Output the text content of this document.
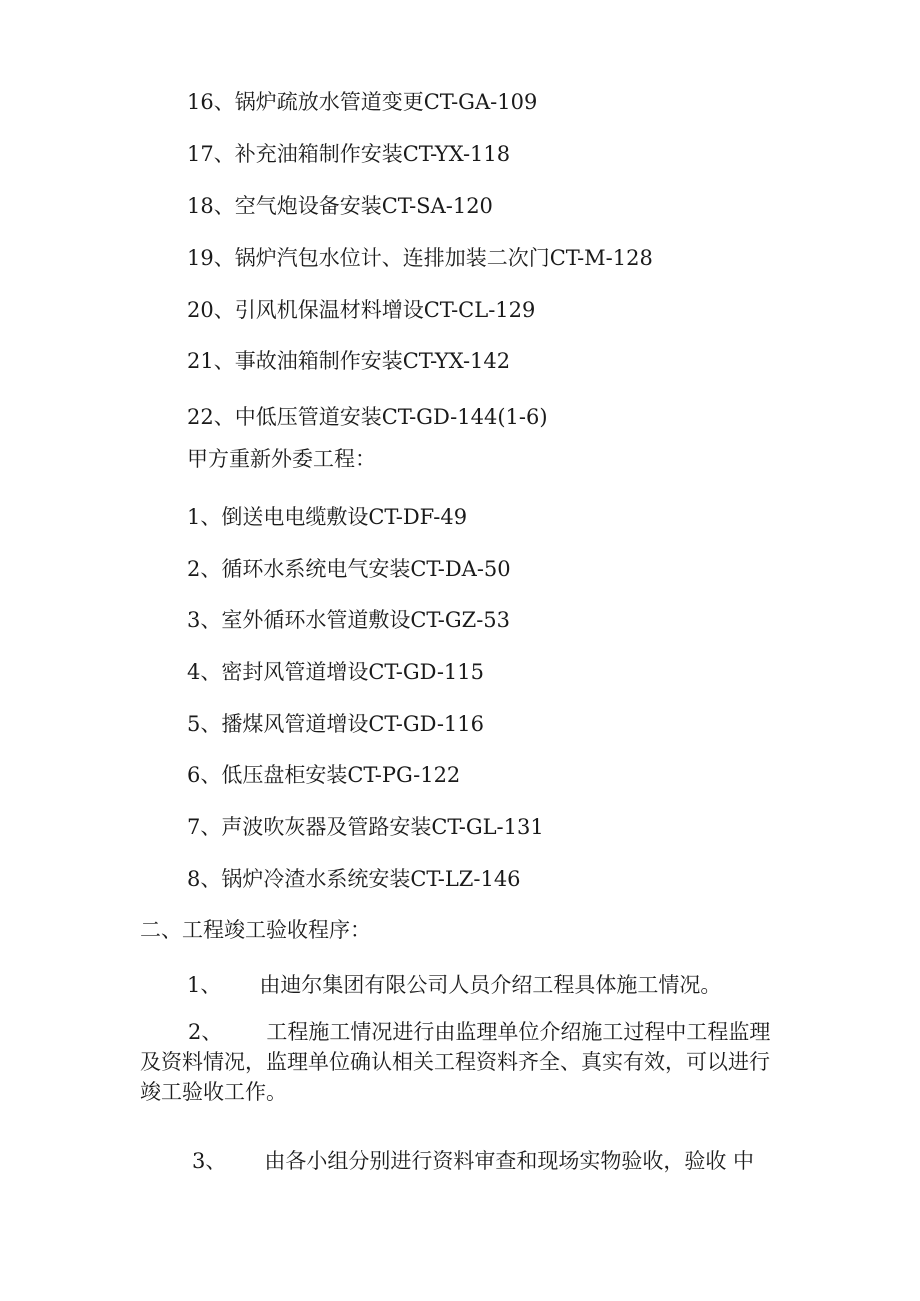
16、锅炉疏放水管道变更CT-GA-109
17、补充油箱制作安装CT-YX-118
18、空气炮设备安装CT-SA-120
19、锅炉汽包水位计、连排加装二次门CT-M-128
20、引风机保温材料增设CT-CL-129
21、事故油箱制作安装CT-YX-142
22、中低压管道安装CT-GD-144(1-6)
甲方重新外委工程：
1、倒送电电缆敷设CT-DF-49
2、循环水系统电气安装CT-DA-50
3、室外循环水管道敷设CT-GZ-53
4、密封风管道增设CT-GD-115
5、播煤风管道增设CT-GD-116
6、低压盘柜安装CT-PG-122
7、声波吹灰器及管路安装CT-GL-131
8、锅炉冷渣水系统安装CT-LZ-146
二、工程竣工验收程序：
1、 由迪尔集团有限公司人员介绍工程具体施工情况。
2、 工程施工情况进行由监理单位介绍施工过程中工程监理及资料情况，监理单位确认相关工程资料齐全、真实有效，可以进行竣工验收工作。
3、 由各小组分别进行资料审查和现场实物验收，验收 中
